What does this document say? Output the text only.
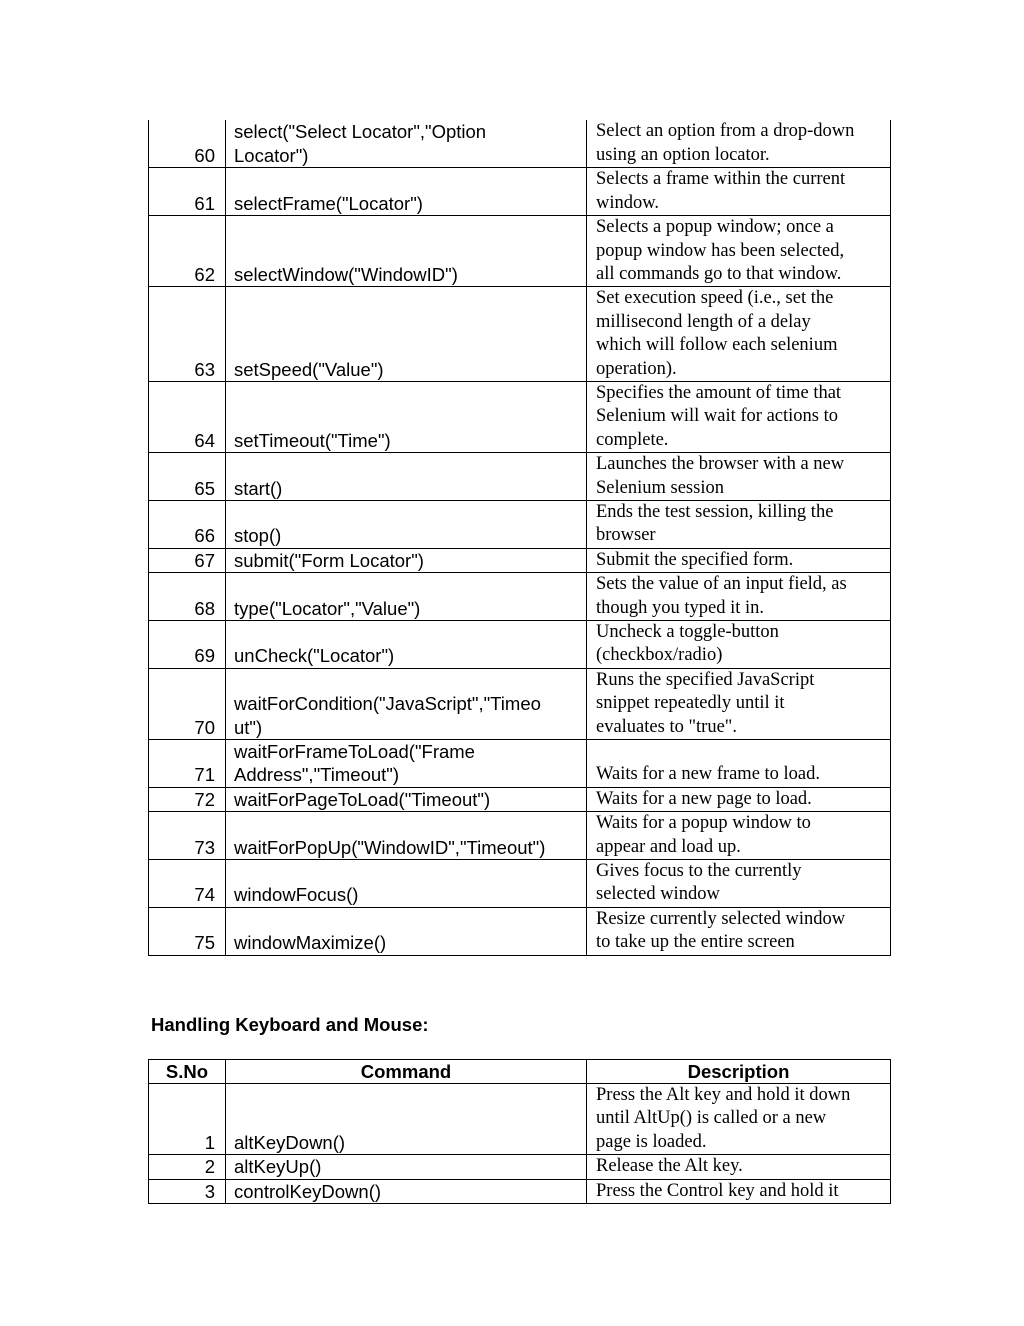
60	select("Select Locator","Option
Locator")	Select an option from a drop-down
using an option locator.
61	selectFrame("Locator")	Selects a frame within the current
window.
62	selectWindow("WindowID")	Selects a popup window; once a
popup window has been selected,
all commands go to that window.
63	setSpeed("Value")	Set execution speed (i.e., set the
millisecond length of a delay
which will follow each selenium
operation).
64	setTimeout("Time")	Specifies the amount of time that
Selenium will wait for actions to
complete.
65	start()	Launches the browser with a new
Selenium session
66	stop()	Ends the test session, killing the
browser
67	submit("Form Locator")	Submit the specified form.
68	type("Locator","Value")	Sets the value of an input field, as
though you typed it in.
69	unCheck("Locator")	Uncheck a toggle-button
(checkbox/radio)
70	waitForCondition("JavaScript","Timeo
ut")	Runs the specified JavaScript
snippet repeatedly until it
evaluates to "true".
71	waitForFrameToLoad("Frame
Address","Timeout")	Waits for a new frame to load.
72	waitForPageToLoad("Timeout")	Waits for a new page to load.
73	waitForPopUp("WindowID","Timeout")	Waits for a popup window to
appear and load up.
74	windowFocus()	Gives focus to the currently
selected window
75	windowMaximize()	Resize currently selected window
to take up the entire screen
Handling Keyboard and Mouse:
S.No	Command	Description
1	altKeyDown()	Press the Alt key and hold it down
until AltUp() is called or a new
page is loaded.
2	altKeyUp()	Release the Alt key.
3	controlKeyDown()	Press the Control key and hold it
